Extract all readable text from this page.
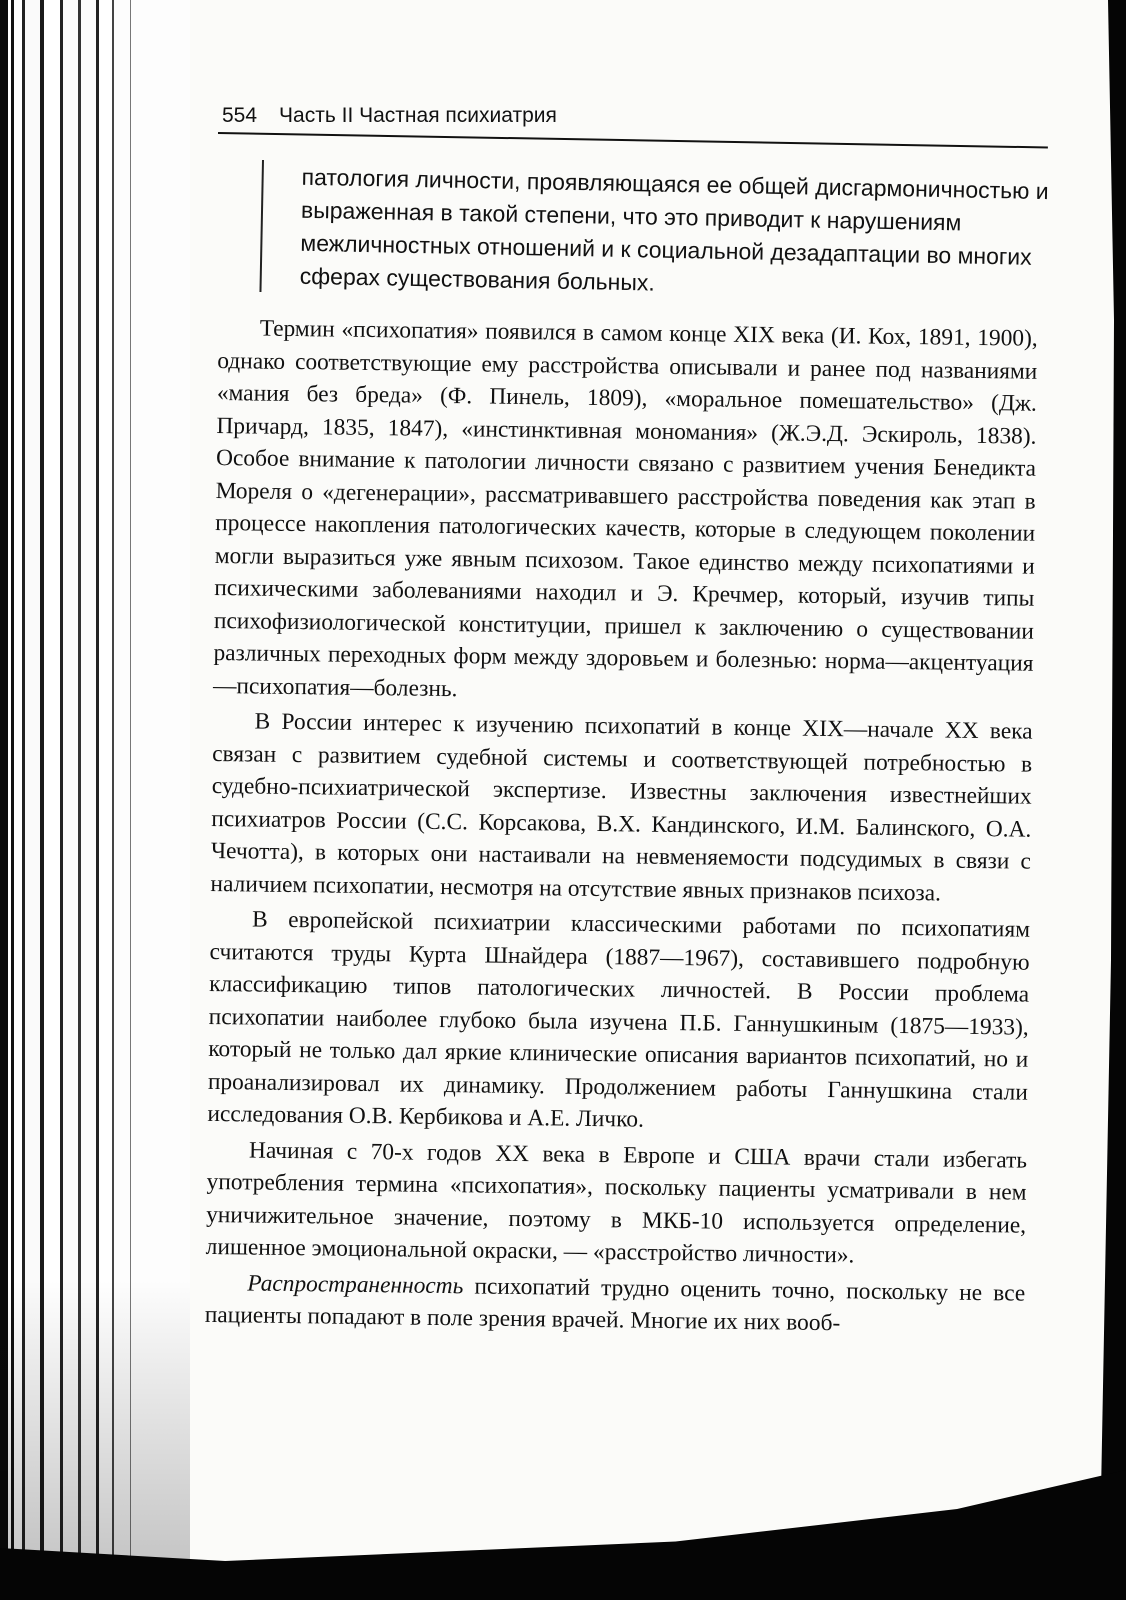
554 Часть II Частная психиатрия
патология личности, проявляющаяся ее общей дисгармоничностью и выраженная в такой степени, что это приводит к нарушениям межличностных отношений и к социальной дезадаптации во многих сферах существования больных.

Термин «психопатия» появился в самом конце XIX века (И. Кох, 1891, 1900), однако соответствующие ему расстройства описывали и ранее под названиями «мания без бреда» (Ф. Пинель, 1809), «моральное помешательство» (Дж. Причард, 1835, 1847), «инстинктивная мономания» (Ж.Э.Д. Эскироль, 1838). Особое внимание к патологии личности связано с развитием учения Бенедикта Мореля о «дегенерации», рассматривавшего расстройства поведения как этап в процессе накопления патологических качеств, которые в следующем поколении могли выразиться уже явным психозом. Такое единство между психопатиями и психическими заболеваниями находил и Э. Кречмер, который, изучив типы психофизиологической конституции, пришел к заключению о существовании различных переходных форм между здоровьем и болезнью: норма—акцентуация—психопатия—болезнь.

В России интерес к изучению психопатий в конце XIX—начале XX века связан с развитием судебной системы и соответствующей потребностью в судебно-психиатрической экспертизе. Известны заключения известнейших психиатров России (С.С. Корсакова, В.Х. Кандинского, И.М. Балинского, О.А. Чечотта), в которых они настаивали на невменяемости подсудимых в связи с наличием психопатии, несмотря на отсутствие явных признаков психоза.

В европейской психиатрии классическими работами по психопатиям считаются труды Курта Шнайдера (1887—1967), составившего подробную классификацию типов патологических личностей. В России проблема психопатии наиболее глубоко была изучена П.Б. Ганнушкиным (1875—1933), который не только дал яркие клинические описания вариантов психопатий, но и проанализировал их динамику. Продолжением работы Ганнушкина стали исследования О.В. Кербикова и А.Е. Личко.

Начиная с 70-х годов XX века в Европе и США врачи стали избегать употребления термина «психопатия», поскольку пациенты усматривали в нем уничижительное значение, поэтому в МКБ-10 используется определение, лишенное эмоциональной окраски, — «расстройство личности».

Распространенность психопатий трудно оценить точно, поскольку не все пациенты попадают в поле зрения врачей. Многие их них вооб-
